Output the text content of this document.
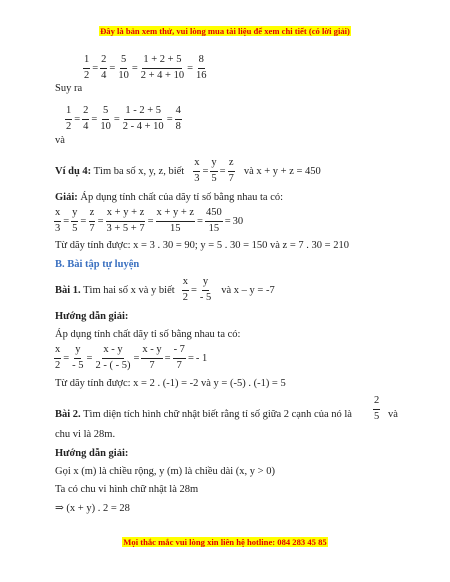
Đây là bản xem thử, vui lòng mua tài liệu để xem chi tiết (có lời giải)
$\frac{1}{2} = \frac{2}{4} = \frac{5}{10} = \frac{1 + 2 + 5}{2 + 4 + 10} = \frac{8}{16}$
Suy ra
$\frac{1}{2} = \frac{2}{4} = \frac{5}{10} = \frac{1 - 2 + 5}{2 - 4 + 10} = \frac{4}{8}$
và
Ví dụ 4: Tìm ba số x, y, z, biết $\frac{x}{3} = \frac{y}{5} = \frac{z}{7}$ và x + y + z = 450
Giải: Áp dụng tính chất của dãy tỉ số bằng nhau ta có:
$\frac{x}{3} = \frac{y}{5} = \frac{z}{7} = \frac{x + y + z}{3 + 5 + 7} = \frac{x + y + z}{15} = \frac{450}{15} = 30$
Từ dãy tính được: x = 3 . 30 = 90; y = 5 . 30 = 150 và z = 7 . 30 = 210
B. Bài tập tự luyện
Bài 1. Tìm hai số x và y biết $\frac{x}{2} = \frac{y}{- 5}$ và x – y = -7
Hướng dẫn giải:
Áp dụng tính chất dãy tỉ số bằng nhau ta có:
$\frac{x}{2} = \frac{y}{- 5} = \frac{x - y}{2 - ( - 5)} = \frac{x - y}{7} = \frac{- 7}{7}$ = - 1
Từ dãy tính được: x = 2 . (-1) = -2 và y = (-5) . (-1) = 5
Bài 2. Tìm diện tích hình chữ nhật biết rằng tỉ số giữa 2 cạnh của nó là $\frac{2}{5}$ và
chu vi là 28m.
Hướng dẫn giải:
Gọi x (m) là chiều rộng, y (m) là chiều dài (x, y > 0)
Ta có chu vi hình chữ nhật là 28m
⇒ (x + y) . 2 = 28
Mọi thắc mắc vui lòng xin liên hệ hotline: 084 283 45 85
